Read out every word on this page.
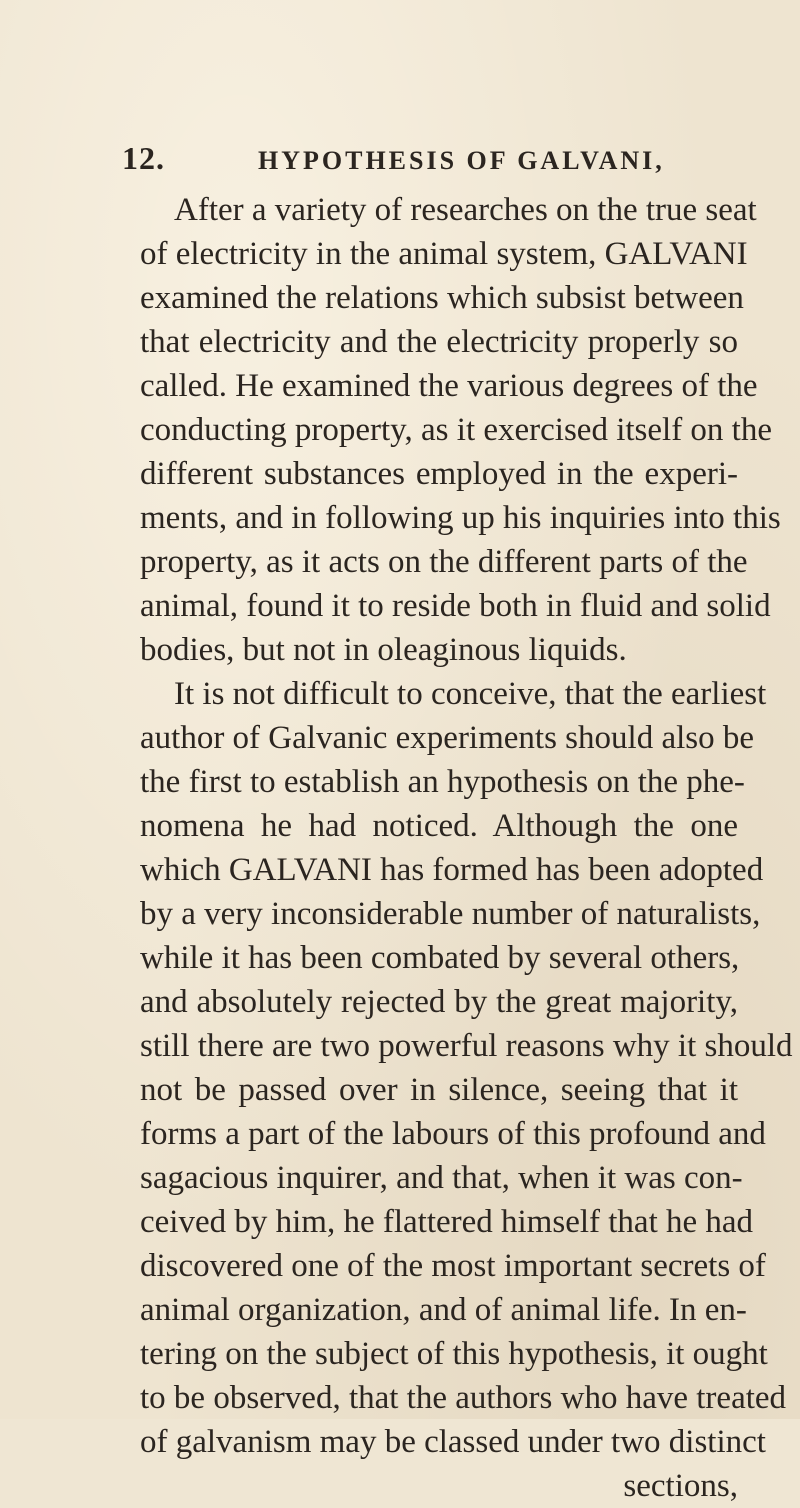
12.	HYPOTHESIS OF GALVANI,
After a variety of researches on the true seat
of electricity in the animal system, GALVANI
examined the relations which subsist between
that electricity and the electricity properly so
called. He examined the various degrees of the
conducting property, as it exercised itself on the
different substances employed in the experi-
ments, and in following up his inquiries into this
property, as it acts on the different parts of the
animal, found it to reside both in fluid and solid
bodies, but not in oleaginous liquids.
It is not difficult to conceive, that the earliest
author of Galvanic experiments should also be
the first to establish an hypothesis on the phe-
nomena he had noticed. Although the one
which GALVANI has formed has been adopted
by a very inconsiderable number of naturalists,
while it has been combated by several others,
and absolutely rejected by the great majority,
still there are two powerful reasons why it should
not be passed over in silence, seeing that it
forms a part of the labours of this profound and
sagacious inquirer, and that, when it was con-
ceived by him, he flattered himself that he had
discovered one of the most important secrets of
animal organization, and of animal life. In en-
tering on the subject of this hypothesis, it ought
to be observed, that the authors who have treated
of galvanism may be classed under two distinct
sections,
